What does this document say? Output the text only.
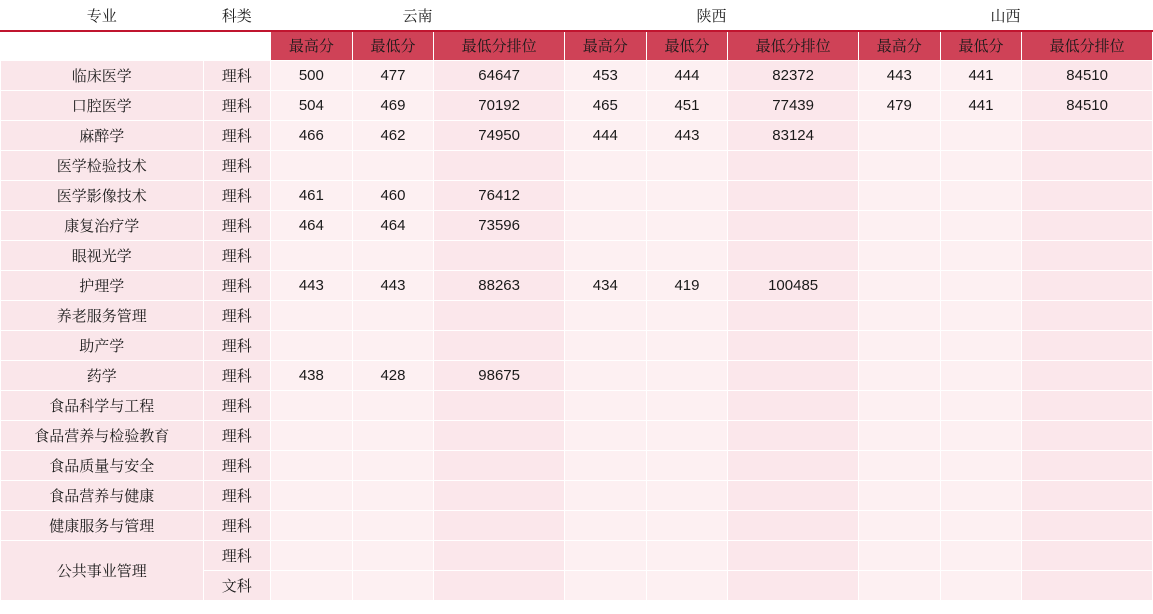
专业	科类	云南			陕西			山西		
		最高分	最低分	最低分排位	最高分	最低分	最低分排位	最高分	最低分	最低分排位
临床医学	理科	500	477	64647	453	444	82372	443	441	84510
口腔医学	理科	504	469	70192	465	451	77439	479	441	84510
麻醉学	理科	466	462	74950	444	443	83124			
医学检验技术	理科									
医学影像技术	理科	461	460	76412						
康复治疗学	理科	464	464	73596						
眼视光学	理科									
护理学	理科	443	443	88263	434	419	100485			
养老服务管理	理科									
助产学	理科									
药学	理科	438	428	98675						
食品科学与工程	理科									
食品营养与检验教育	理科									
食品质量与安全	理科									
食品营养与健康	理科									
健康服务与管理	理科									
公共事业管理	理科									
	文科									
